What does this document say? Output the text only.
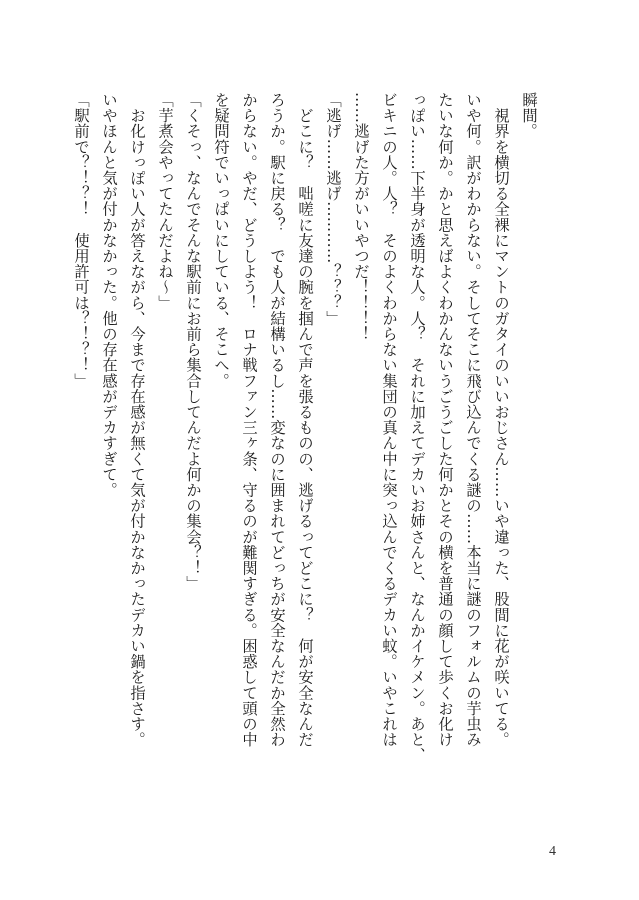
瞬間。
　視界を横切る全裸にマントのガタイのいいおじさん……いや違った、股間に花が咲いてる。
いや何。訳がわからない。そしてそこに飛び込んでくる謎の……本当に謎のフォルムの芋虫み
たいな何か。かと思えばよくわかんないうごうごした何かとその横を普通の顔して歩くお化け
っぽい……下半身が透明な人。人？　それに加えてデカいお姉さんと、なんかイケメン。あと、
ビキニの人。人？　そのよくわからない集団の真ん中に突っ込んでくるデカい蚊。いやこれは
……逃げた方がいいやつだ！！！！
「逃げ……逃げ…………？？？」
　どこに？　咄嗟に友達の腕を掴んで声を張るものの、逃げるってどこに？　何が安全なんだ
ろうか。駅に戻る？　でも人が結構いるし……変なのに囲まれてどっちが安全なんだか全然わ
からない。やだ、どうしよう！　ロナ戦ファン三ヶ条、守るのが難関すぎる。困惑して頭の中
を疑問符でいっぱいにしている、そこへ。
「くそっ、なんでそんな駅前にお前ら集合してんだよ何かの集会？！」
「芋煮会やってたんだよね〜」
　お化けっぽい人が答えながら、今まで存在感が無くて気が付かなかったデカい鍋を指さす。
いやほんと気が付かなかった。他の存在感がデカすぎて。
「駅前で？！？！　使用許可は？！？！」
4
